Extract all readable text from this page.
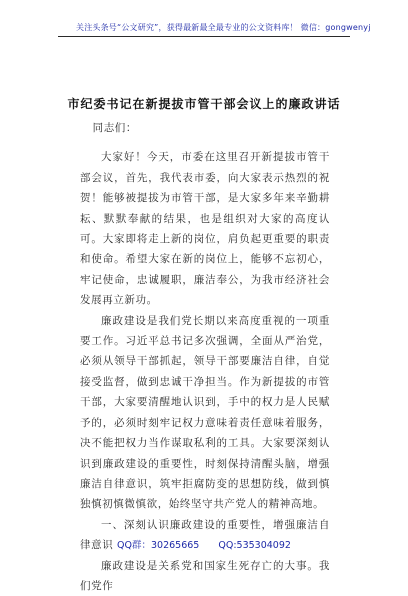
关注头条号“公文研究”，获得最新最全最专业的公文资料库！ 微信：gongwenyj
市纪委书记在新提拔市管干部会议上的廉政讲话

同志们：

大家好！今天，市委在这里召开新提拔市管干部会议，首先，我代表市委，向大家表示热烈的祝贺！能够被提拔为市管干部，是大家多年来辛勤耕耘、默默奉献的结果，也是组织对大家的高度认可。大家即将走上新的岗位，肩负起更重要的职责和使命。希望大家在新的岗位上，能够不忘初心，牢记使命，忠诚履职，廉洁奉公，为我市经济社会发展再立新功。

廉政建设是我们党长期以来高度重视的一项重要工作。习近平总书记多次强调，全面从严治党，必须从领导干部抓起，领导干部要廉洁自律，自觉接受监督，做到忠诚干净担当。作为新提拔的市管干部，大家要清醒地认识到，手中的权力是人民赋予的，必须时刻牢记权力意味着责任意味着服务，决不能把权力当作谋取私利的工具。大家要深刻认识到廉政建设的重要性，时刻保持清醒头脑，增强廉洁自律意识，筑牢拒腐防变的思想防线，做到慎独慎初慎微慎欲，始终坚守共产党人的精神高地。

一、深刻认识廉政建设的重要性，增强廉洁自律意识

廉政建设是关系党和国家生死存亡的大事。我们党作

QQ群：30265665 QQ:535304092
